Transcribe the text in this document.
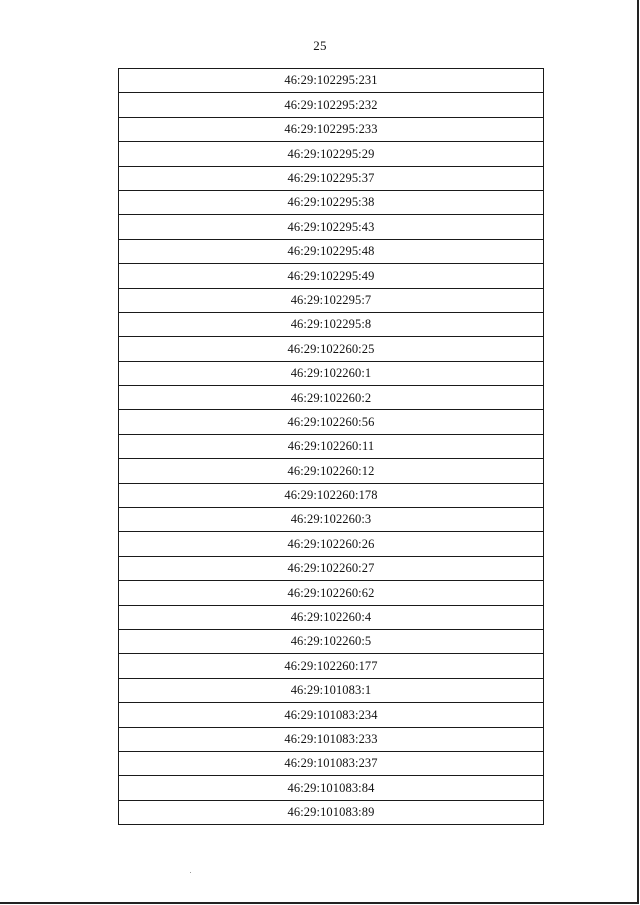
25
46:29:102295:231
46:29:102295:232
46:29:102295:233
46:29:102295:29
46:29:102295:37
46:29:102295:38
46:29:102295:43
46:29:102295:48
46:29:102295:49
46:29:102295:7
46:29:102295:8
46:29:102260:25
46:29:102260:1
46:29:102260:2
46:29:102260:56
46:29:102260:11
46:29:102260:12
46:29:102260:178
46:29:102260:3
46:29:102260:26
46:29:102260:27
46:29:102260:62
46:29:102260:4
46:29:102260:5
46:29:102260:177
46:29:101083:1
46:29:101083:234
46:29:101083:233
46:29:101083:237
46:29:101083:84
46:29:101083:89
